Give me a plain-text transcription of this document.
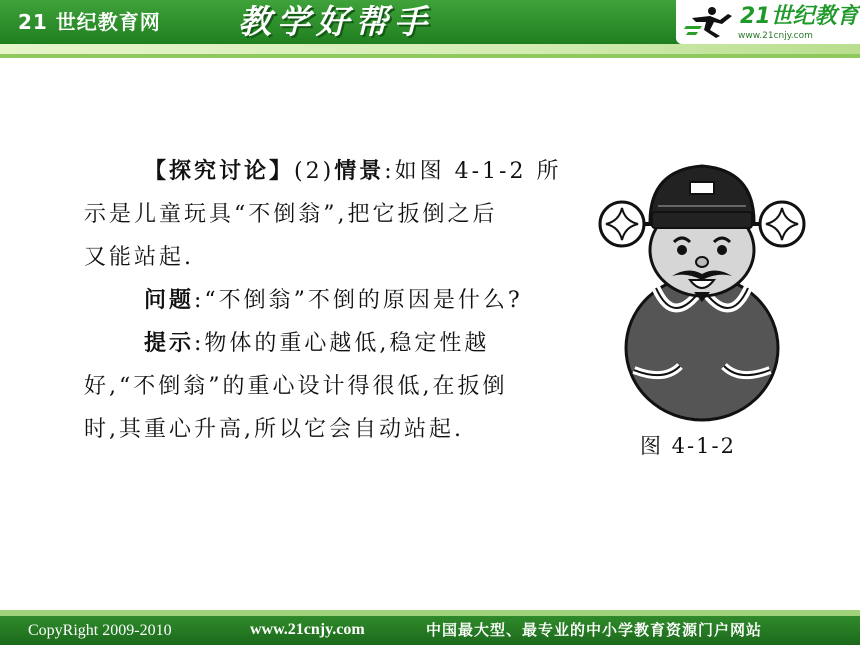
21 世纪教育网 教学好帮手	21世纪教育
www.21cnjy.com
【探究讨论】(2)情景:如图 4-1-2 所
示是儿童玩具“不倒翁”,把它扳倒之后
又能站起.
问题:“不倒翁”不倒的原因是什么?
提示:物体的重心越低,稳定性越
好,“不倒翁”的重心设计得很低,在扳倒
时,其重心升高,所以它会自动站起.
图 4-1-2
CopyRight 2009-2010	www.21cnjy.com	中国最大型、最专业的中小学教育资源门户网站
